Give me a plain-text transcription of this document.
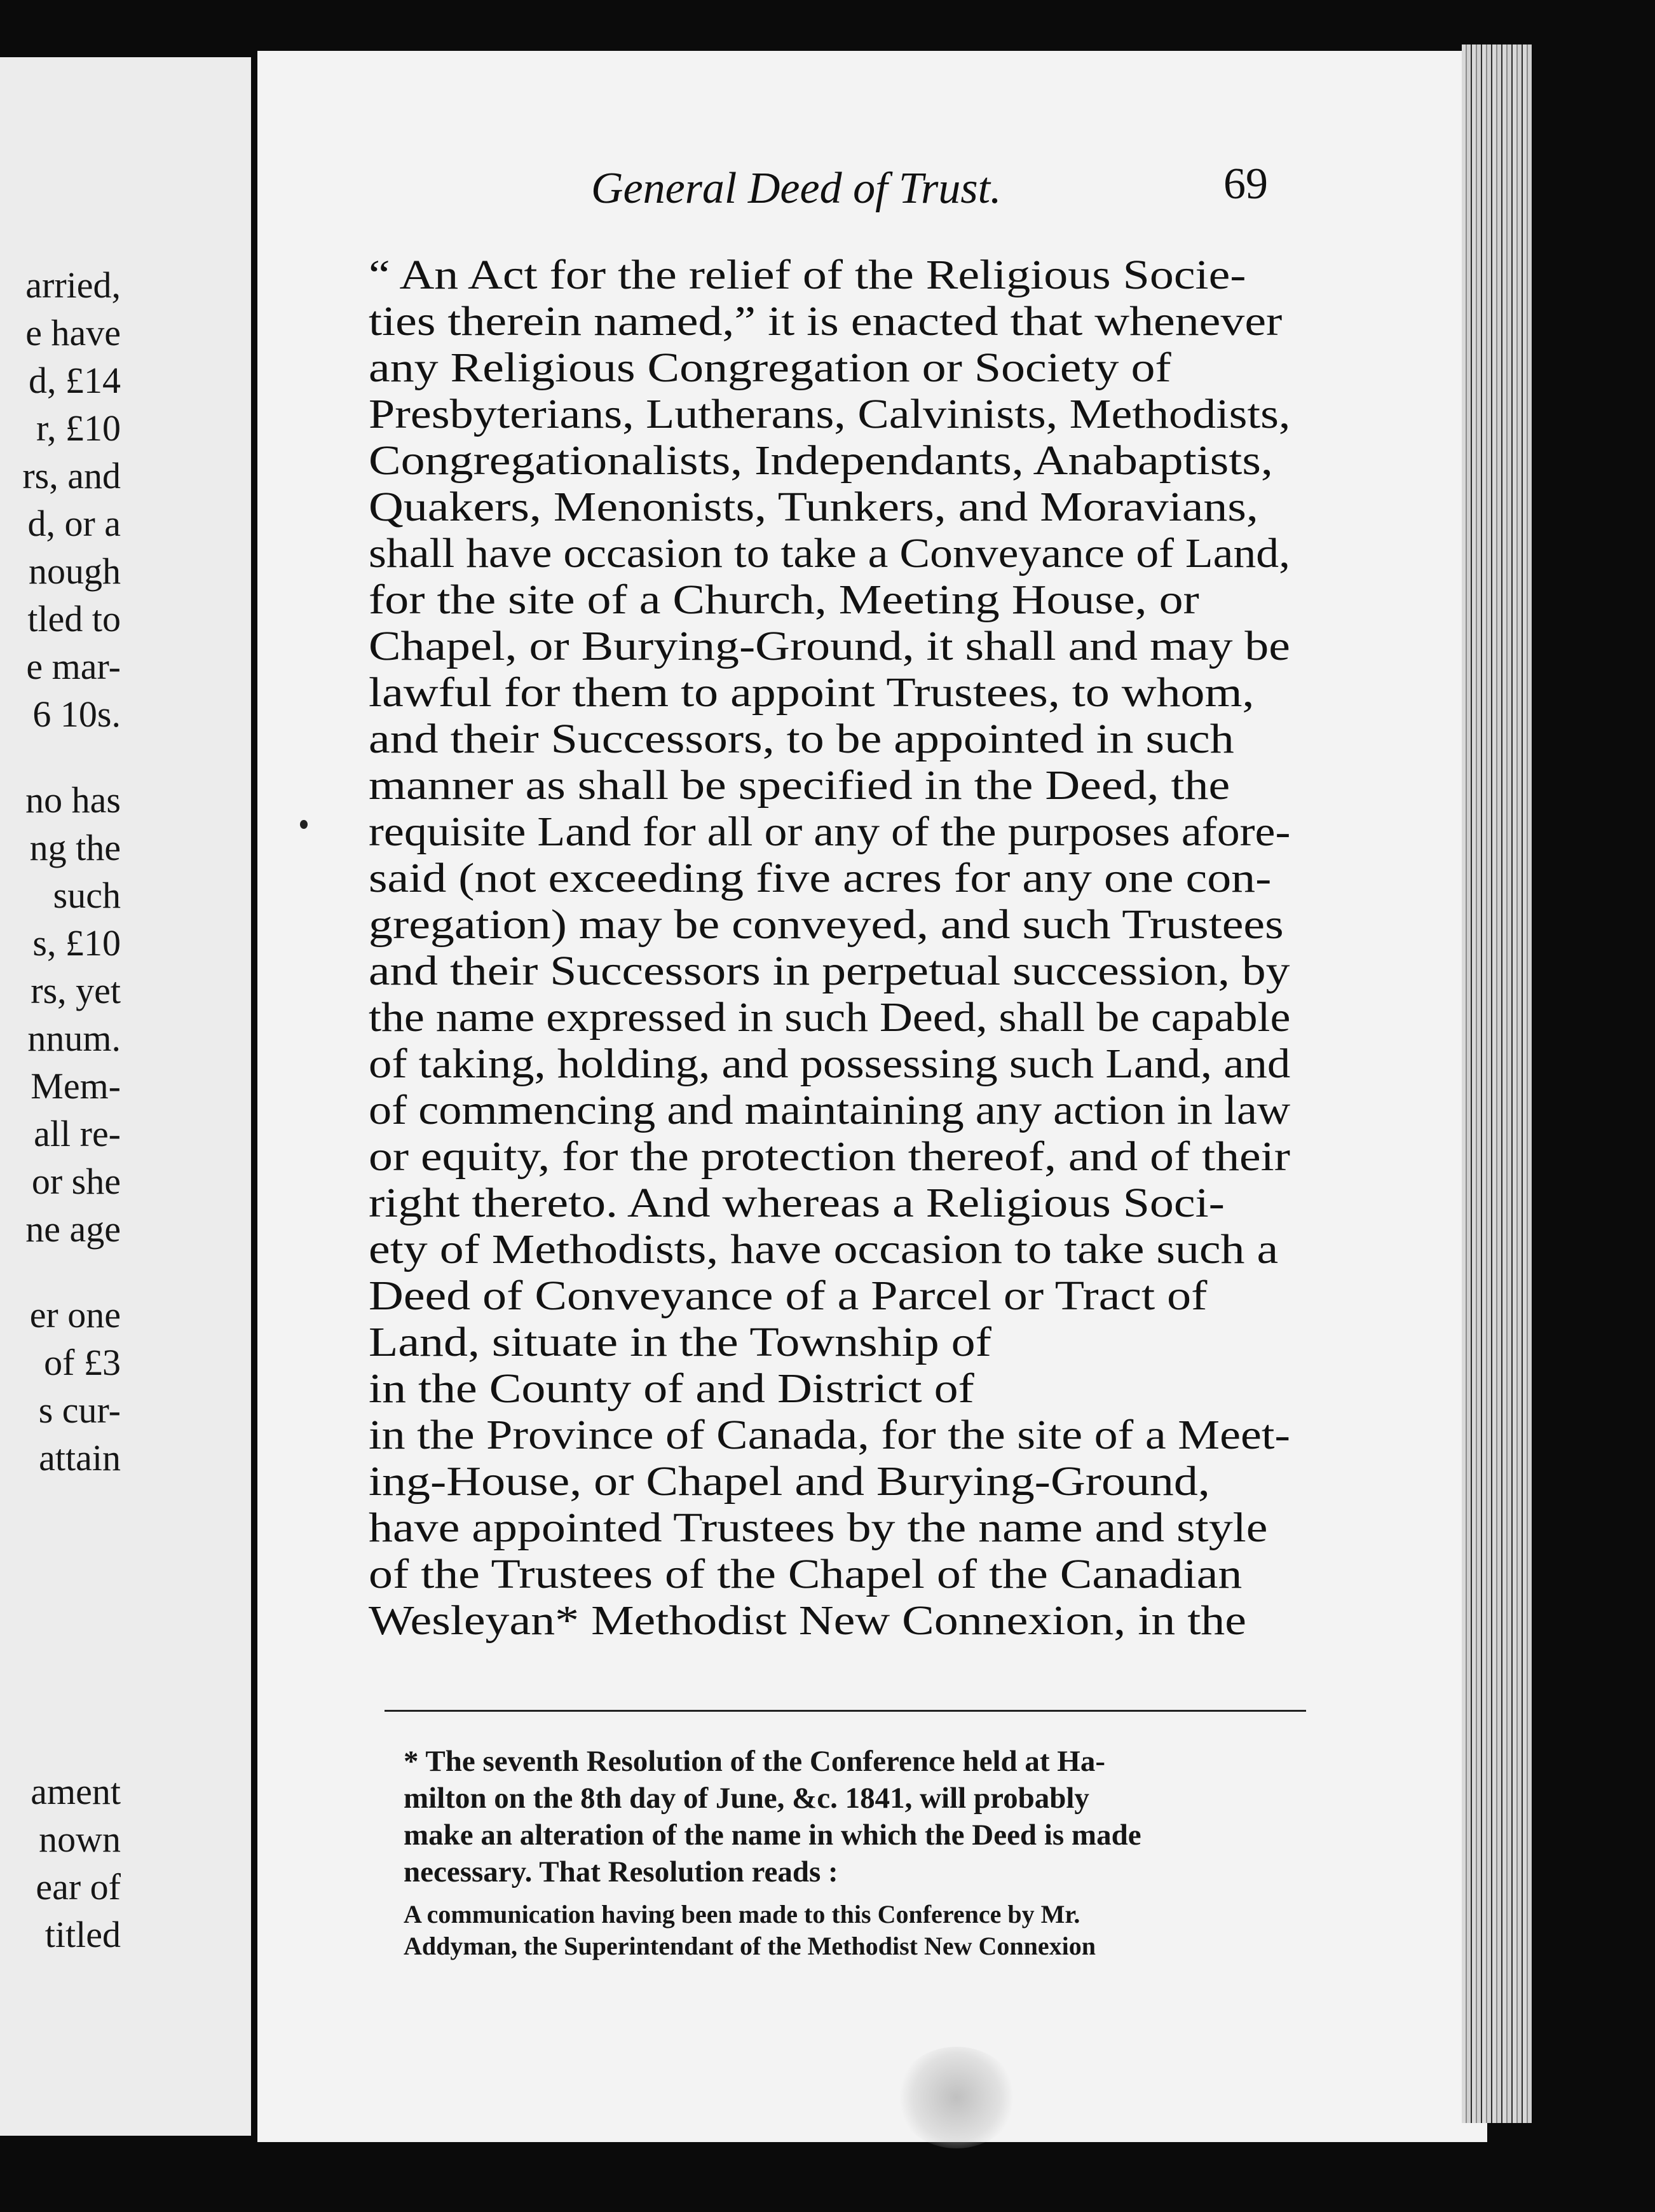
arried,
e have
d, £14
r, £10
rs, and
d, or a
nough
tled to
e mar-
6 10s.
no has
ng the
such
s, £10
rs, yet
nnum.
Mem-
all re-
or she
ne age
er one
of £3
s cur-
attain
ament
nown
ear of
titled
General Deed of Trust.	69
“ An Act for the relief of the Religious Socie-
ties therein named,” it is enacted that whenever
any Religious Congregation or Society of
Presbyterians, Lutherans, Calvinists, Methodists,
Congregationalists, Independants, Anabaptists,
Quakers, Menonists, Tunkers, and Moravians,
shall have occasion to take a Conveyance of Land,
for the site of a Church, Meeting House, or
Chapel, or Burying-Ground, it shall and may be
lawful for them to appoint Trustees, to whom,
and their Successors, to be appointed in such
manner as shall be specified in the Deed, the
requisite Land for all or any of the purposes afore-
said (not exceeding five acres for any one con-
gregation) may be conveyed, and such Trustees
and their Successors in perpetual succession, by
the name expressed in such Deed, shall be capable
of taking, holding, and possessing such Land, and
of commencing and maintaining any action in law
or equity, for the protection thereof, and of their
right thereto. And whereas a Religious Soci-
ety of Methodists, have occasion to take such a
Deed of Conveyance of a Parcel or Tract of
Land, situate in the Township of
in the County of and District of
in the Province of Canada, for the site of a Meet-
ing-House, or Chapel and Burying-Ground,
have appointed Trustees by the name and style
of the Trustees of the Chapel of the Canadian
Wesleyan* Methodist New Connexion, in the
* The seventh Resolution of the Conference held at Ha-
milton on the 8th day of June, &c. 1841, will probably
make an alteration of the name in which the Deed is made
necessary. That Resolution reads :
A communication having been made to this Conference by Mr.
Addyman, the Superintendant of the Methodist New Connexion
